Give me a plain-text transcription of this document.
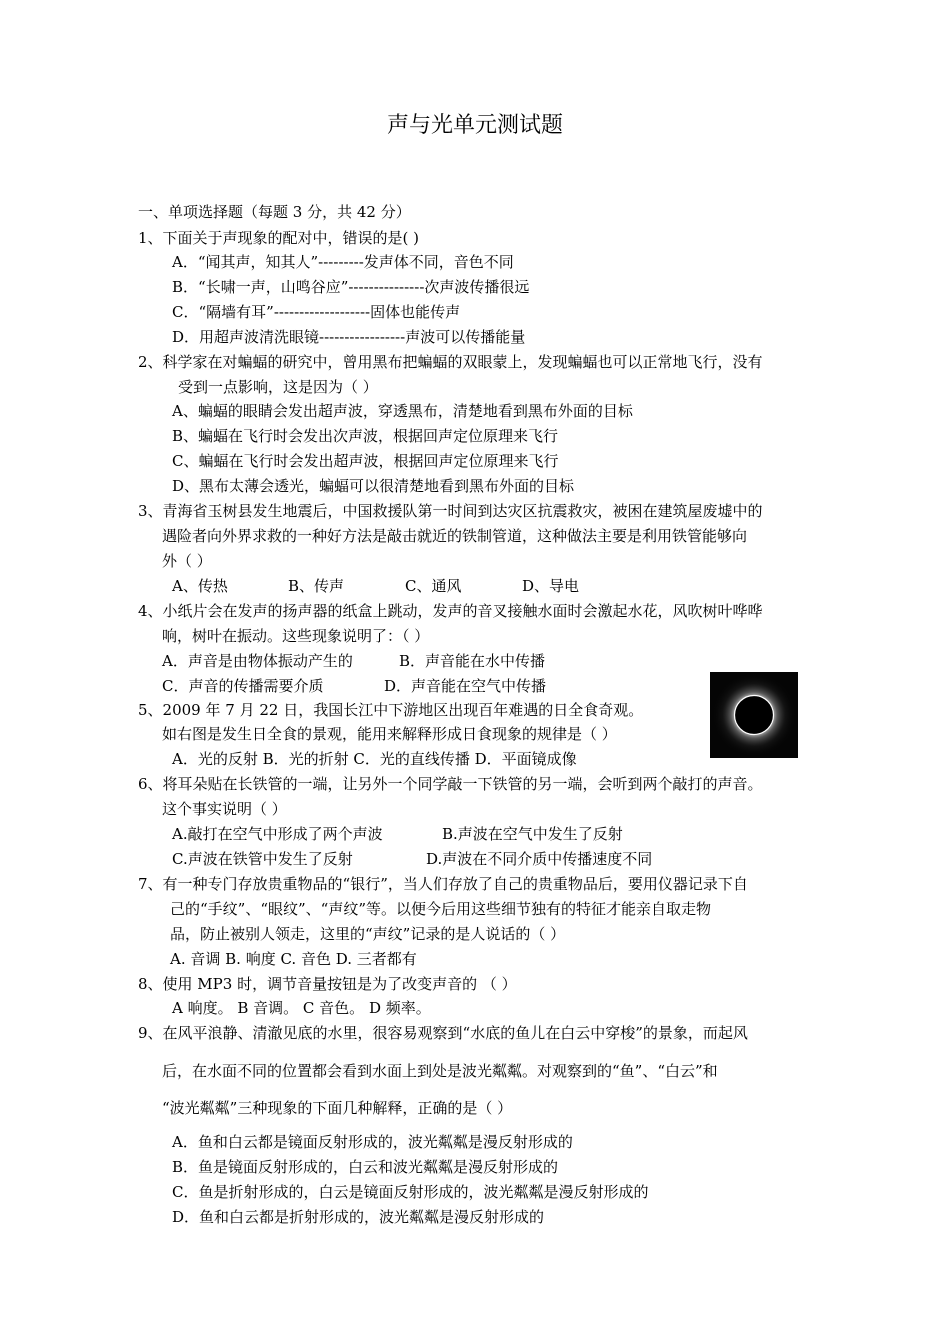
声与光单元测试题
一、单项选择题（每题 3 分，共 42 分）
1、下面关于声现象的配对中，错误的是( )
A．“闻其声，知其人”---------发声体不同，音色不同
B．“长啸一声，山鸣谷应”---------------次声波传播很远
C．“隔墙有耳”-------------------固体也能传声
D．用超声波清洗眼镜-----------------声波可以传播能量
2、科学家在对蝙蝠的研究中，曾用黑布把蝙蝠的双眼蒙上，发现蝙蝠也可以正常地飞行，没有
受到一点影响，这是因为（ ）
A、蝙蝠的眼睛会发出超声波，穿透黑布，清楚地看到黑布外面的目标
B、蝙蝠在飞行时会发出次声波，根据回声定位原理来飞行
C、蝙蝠在飞行时会发出超声波，根据回声定位原理来飞行
D、黑布太薄会透光，蝙蝠可以很清楚地看到黑布外面的目标
3、青海省玉树县发生地震后，中国救援队第一时间到达灾区抗震救灾，被困在建筑屋废墟中的
遇险者向外界求救的一种好方法是敲击就近的铁制管道，这种做法主要是利用铁管能够向
外（ ）
A、传热	B、传声	C、通风	D、导电
4、小纸片会在发声的扬声器的纸盒上跳动，发声的音叉接触水面时会激起水花，风吹树叶哗哗
响，树叶在振动。这些现象说明了：（ ）
A．声音是由物体振动产生的	B．声音能在水中传播
C．声音的传播需要介质	D．声音能在空气中传播
5、2009 年 7 月 22 日，我国长江中下游地区出现百年难遇的日全食奇观。
如右图是发生日全食的景观，能用来解释形成日食现象的规律是（ ）
A．光的反射 B．光的折射 C．光的直线传播 D．平面镜成像
6、将耳朵贴在长铁管的一端，让另外一个同学敲一下铁管的另一端，会听到两个敲打的声音。
这个事实说明（ ）
A.敲打在空气中形成了两个声波	B.声波在空气中发生了反射
C.声波在铁管中发生了反射	D.声波在不同介质中传播速度不同
7、有一种专门存放贵重物品的“银行”，当人们存放了自己的贵重物品后，要用仪器记录下自
己的“手纹”、“眼纹”、“声纹”等。以便今后用这些细节独有的特征才能亲自取走物
品，防止被别人领走，这里的“声纹”记录的是人说话的（ ）
A. 音调 B. 响度 C. 音色 D. 三者都有
8、使用 MP3 时，调节音量按钮是为了改变声音的 （ ）
A 响度。 B 音调。 C 音色。 D 频率。
9、在风平浪静、清澈见底的水里，很容易观察到“水底的鱼儿在白云中穿梭”的景象，而起风
后，在水面不同的位置都会看到水面上到处是波光粼粼。对观察到的“鱼”、“白云”和
“波光粼粼”三种现象的下面几种解释，正确的是（ ）
A．鱼和白云都是镜面反射形成的，波光粼粼是漫反射形成的
B．鱼是镜面反射形成的，白云和波光粼粼是漫反射形成的
C．鱼是折射形成的，白云是镜面反射形成的，波光粼粼是漫反射形成的
D．鱼和白云都是折射形成的，波光粼粼是漫反射形成的
